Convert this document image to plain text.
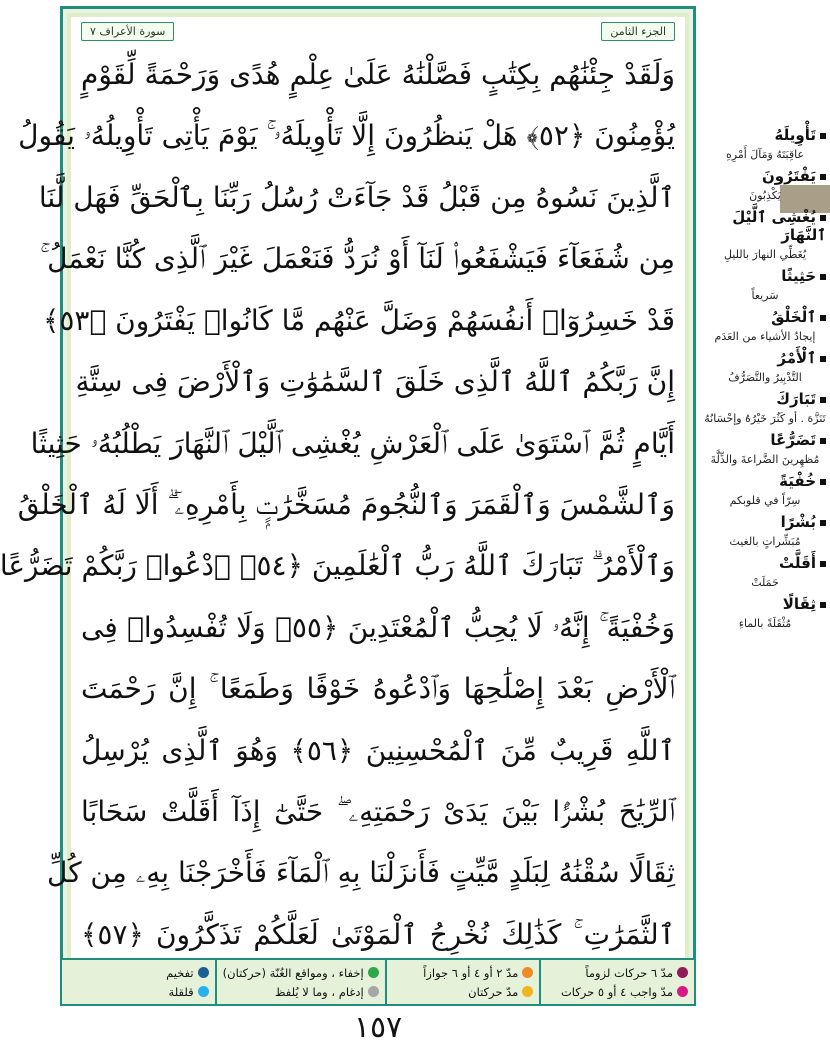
الجزء الثامن
سورة الأعراف ٧
وَلَقَدْ جِئْنَٰهُم بِكِتَٰبٍ فَصَّلْنَٰهُ عَلَىٰ عِلْمٍ هُدًى وَرَحْمَةً لِّقَوْمٍ
يُؤْمِنُونَ ﴿٥٢﴾ هَلْ يَنظُرُونَ إِلَّا تَأْوِيلَهُۥ ۚ يَوْمَ يَأْتِى تَأْوِيلُهُۥ يَقُولُ
ٱلَّذِينَ نَسُوهُ مِن قَبْلُ قَدْ جَآءَتْ رُسُلُ رَبِّنَا بِٱلْحَقِّ فَهَل لَّنَا
مِن شُفَعَآءَ فَيَشْفَعُوا۟ لَنَآ أَوْ نُرَدُّ فَنَعْمَلَ غَيْرَ ٱلَّذِى كُنَّا نَعْمَلُ ۚ
قَدْ خَسِرُوٓا۟ أَنفُسَهُمْ وَضَلَّ عَنْهُم مَّا كَانُوا۟ يَفْتَرُونَ ﴿٥٣﴾
إِنَّ رَبَّكُمُ ٱللَّهُ ٱلَّذِى خَلَقَ ٱلسَّمَٰوَٰتِ وَٱلْأَرْضَ فِى سِتَّةِ
أَيَّامٍ ثُمَّ ٱسْتَوَىٰ عَلَى ٱلْعَرْشِ يُغْشِى ٱلَّيْلَ ٱلنَّهَارَ يَطْلُبُهُۥ حَثِيثًا
وَٱلشَّمْسَ وَٱلْقَمَرَ وَٱلنُّجُومَ مُسَخَّرَٰتٍۭ بِأَمْرِهِۦٓ ۗ أَلَا لَهُ ٱلْخَلْقُ
وَٱلْأَمْرُ ۗ تَبَارَكَ ٱللَّهُ رَبُّ ٱلْعَٰلَمِينَ ﴿٥٤﴾ ٱدْعُوا۟ رَبَّكُمْ تَضَرُّعًا
وَخُفْيَةً ۚ إِنَّهُۥ لَا يُحِبُّ ٱلْمُعْتَدِينَ ﴿٥٥﴾ وَلَا تُفْسِدُوا۟ فِى
ٱلْأَرْضِ بَعْدَ إِصْلَٰحِهَا وَٱدْعُوهُ خَوْفًا وَطَمَعًا ۚ إِنَّ رَحْمَتَ
ٱللَّهِ قَرِيبٌ مِّنَ ٱلْمُحْسِنِينَ ﴿٥٦﴾ وَهُوَ ٱلَّذِى يُرْسِلُ
ٱلرِّيَٰحَ بُشْرًۢا بَيْنَ يَدَىْ رَحْمَتِهِۦ ۖ حَتَّىٰٓ إِذَآ أَقَلَّتْ سَحَابًا
ثِقَالًا سُقْنَٰهُ لِبَلَدٍ مَّيِّتٍ فَأَنزَلْنَا بِهِ ٱلْمَآءَ فَأَخْرَجْنَا بِهِۦ مِن كُلِّ
ٱلثَّمَرَٰتِ ۚ كَذَٰلِكَ نُخْرِجُ ٱلْمَوْتَىٰ لَعَلَّكُمْ تَذَكَّرُونَ ﴿٥٧﴾
مدّ ٦ حركات لزوماً
مدّ واجب ٤ أو ٥ حركات
مدّ ٢ أو ٤ أو ٦ جوازاً
مدّ حركتان
إخفاء ، ومواقع الغُنّة (حركتان)
إدغام ، وما لا يُلفظ
تفخيم
قلقلة
١٥٧
تَأْوِيلَهُ
عاقِبَتَهُ وَمَآلَ أَمْرِهِ
يَفْتَرُونَ
يَكْذِبُونَ
يُغْشِى ٱلَّيْلَ ٱلنَّهَارَ
يُغَطِّي النهارَ بالليلِ
حَثِيثًا
سَريعاً
ٱلْخَلْقُ
إيجادُ الأشياء من العَدَم
ٱلْأَمْرُ
التَّدْبِيرُ والتَّصَرُّفُ
تَبَارَكَ
تَنَزَّهَ . أو كَثُرَ خَيْرُهُ وإحْسَانُهُ
تَضَرُّعًا
مُظهِرينَ الضَّراعةَ والذِّلَّةَ
خُفْيَةً
سِرّاً في قلوبكم
بُشْرًا
مُبَشِّراتٍ بالغيث
أَقَلَّتْ
حَمَلَتْ
ثِقَالًا
مُثْقَلَةً بالماءِ
